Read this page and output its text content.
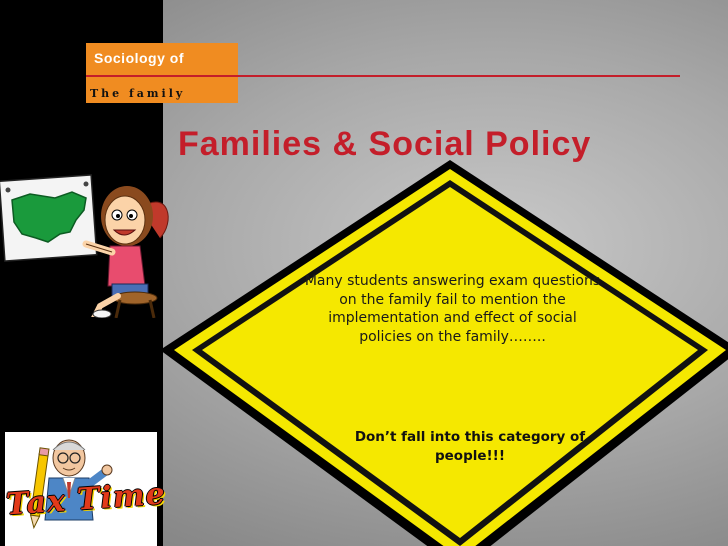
Sociology of
The family
Families & Social Policy
Many students answering exam questions on the family fail to mention the implementation and effect of social policies on the family……..
Don’t fall into this category of people!!!
Tax Time
